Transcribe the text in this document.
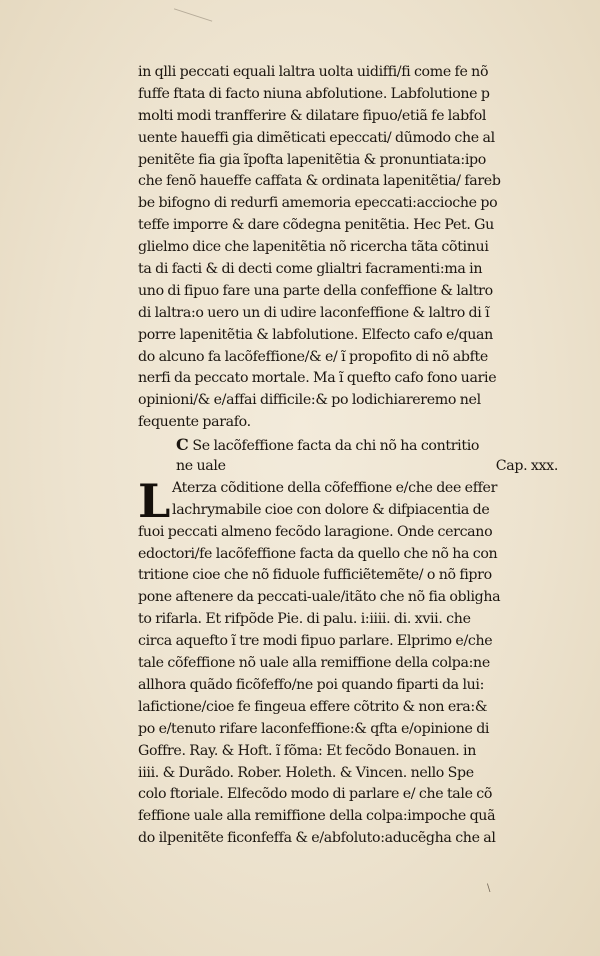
in qlli peccati equali laltra uolta uidiffi/fi come fe nõ
fuffe ftata di facto niuna abfolutione. Labfolutione p
molti modi tranfferire & dilatare fipuo/etiã fe labfol
uente haueffi gia dimẽticati epeccati/ dũmodo che al
penitẽte fia gia ĩpofta lapenitẽtia & pronuntiata:ipo
che fenõ haueffe caffata & ordinata lapenitẽtia/ fareb
be bifogno di redurfi amemoria epeccati:accioche po
teffe imporre & dare cõdegna penitẽtia. Hec Pet. Gu
glielmo dice che lapenitẽtia nõ ricercha tãta cõtinui
ta di facti & di decti come glialtri facramenti:ma in
uno di fipuo fare una parte della confeffione & laltro
di laltra:o uero un di udire laconfeffione & laltro di ĩ
porre lapenitẽtia & labfolutione. Elfecto cafo e/quan
do alcuno fa lacõfeffione/& e/ ĩ propofito di nõ abfte
nerfi da peccato mortale. Ma ĩ quefto cafo fono uarie
opinioni/& e/affai difficile:& po lodichiareremo nel
fequente parafo.
C Se lacõfeffione facta da chi nõ ha contritio
ne uale	Cap. xxx.
L Aterza cõditione della cõfeffione e/che dee effer
lachrymabile cioe con dolore & difpiacentia de
fuoi peccati almeno fecõdo laragione. Onde cercano
edoctori/fe lacõfeffione facta da quello che nõ ha con
tritione cioe che nõ fiduole fufficiẽtemẽte/ o nõ fipro
pone aftenere da peccati-uale/itãto che nõ fia obligha
to rifarla. Et rifpõde Pie. di palu. i:iiii. di. xvii. che
circa aquefto ĩ tre modi fipuo parlare. Elprimo e/che
tale cõfeffione nõ uale alla remiffione della colpa:ne
allhora quãdo ficõfeffo/ne poi quando fiparti da lui:
lafictione/cioe fe fingeua effere cõtrito & non era:&
po e/tenuto rifare laconfeffione:& qfta e/opinione di
Goffre. Ray. & Hoft. ĩ fõma: Et fecõdo Bonauen. in
iiii. & Durãdo. Rober. Holeth. & Vincen. nello Spe
colo ftoriale. Elfecõdo modo di parlare e/ che tale cõ
feffione uale alla remiffione della colpa:impoche quã
do ilpenitẽte ficonfeffa & e/abfoluto:aducẽgha che al
\
